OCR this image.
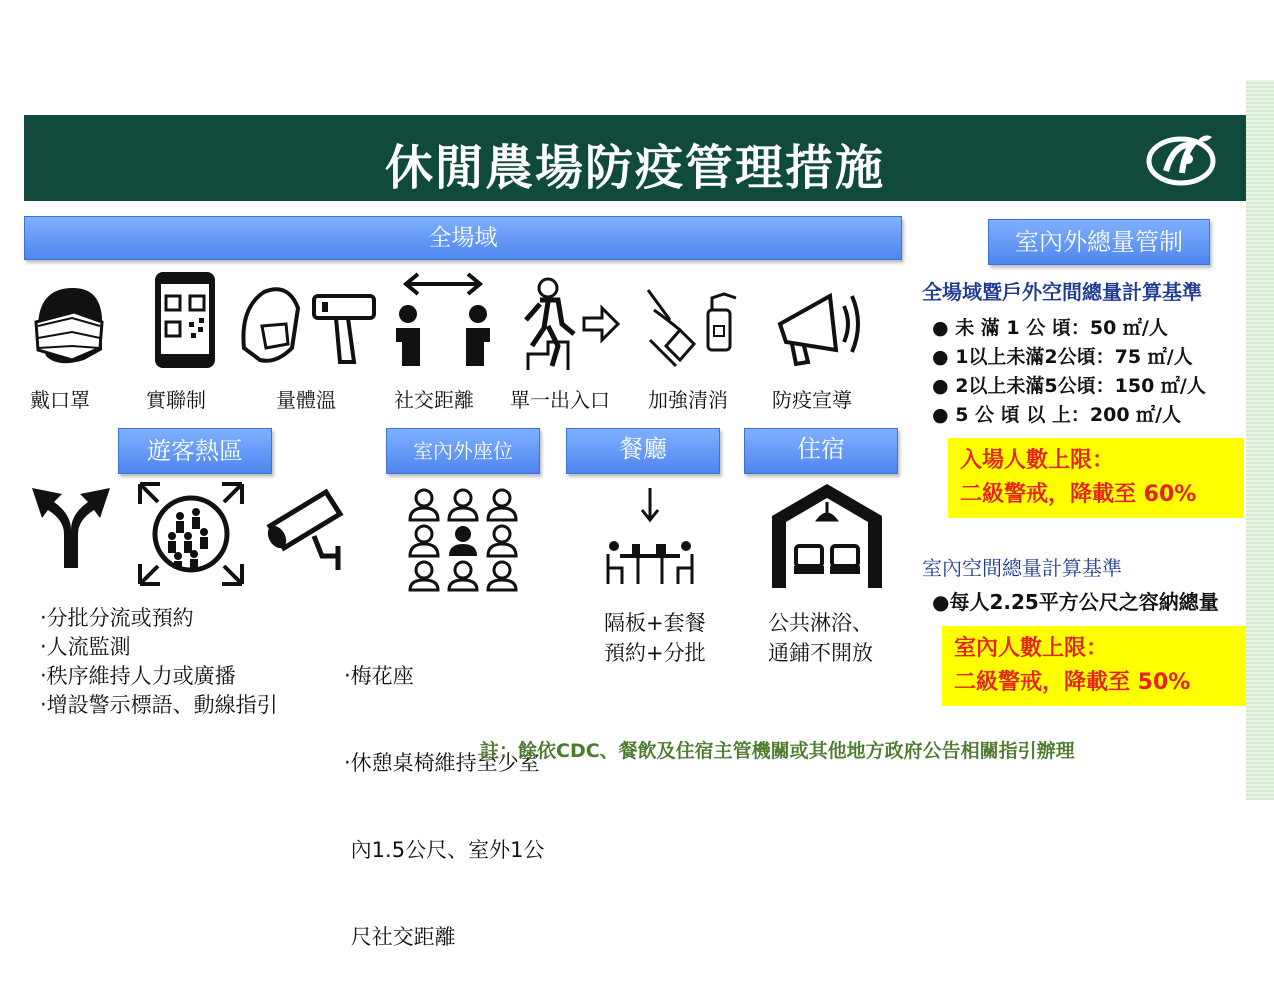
休閒農場防疫管理措施
全場域	室內外總量管制
戴口罩	實聯制	量體溫	社交距離 單一出入口 加強清消 防疫宣導
遊客熱區	室內外座位	餐廳	住宿
‧分批分流或預約
‧人流監測
‧秩序維持人力或廣播
‧增設警示標語、動線指引

‧梅花座

‧休憩桌椅維持至少室

內1.5公尺、室外1公

尺社交距離

隔板+套餐
預約+分批
公共淋浴、
通鋪不開放
全場域暨戶外空間總量計算基準
● 未 滿 1 公 頃：50 ㎡/人
● 1以上未滿2公頃：75 ㎡/人
● 2以上未滿5公頃：150 ㎡/人
● 5 公 頃 以 上：200 ㎡/人
入場人數上限：
二級警戒，降載至 60%
室內空間總量計算基準
●每人2.25平方公尺之容納總量
室內人數上限：
二級警戒，降載至 50%
註：餘依CDC、餐飲及住宿主管機關或其他地方政府公告相關指引辦理
